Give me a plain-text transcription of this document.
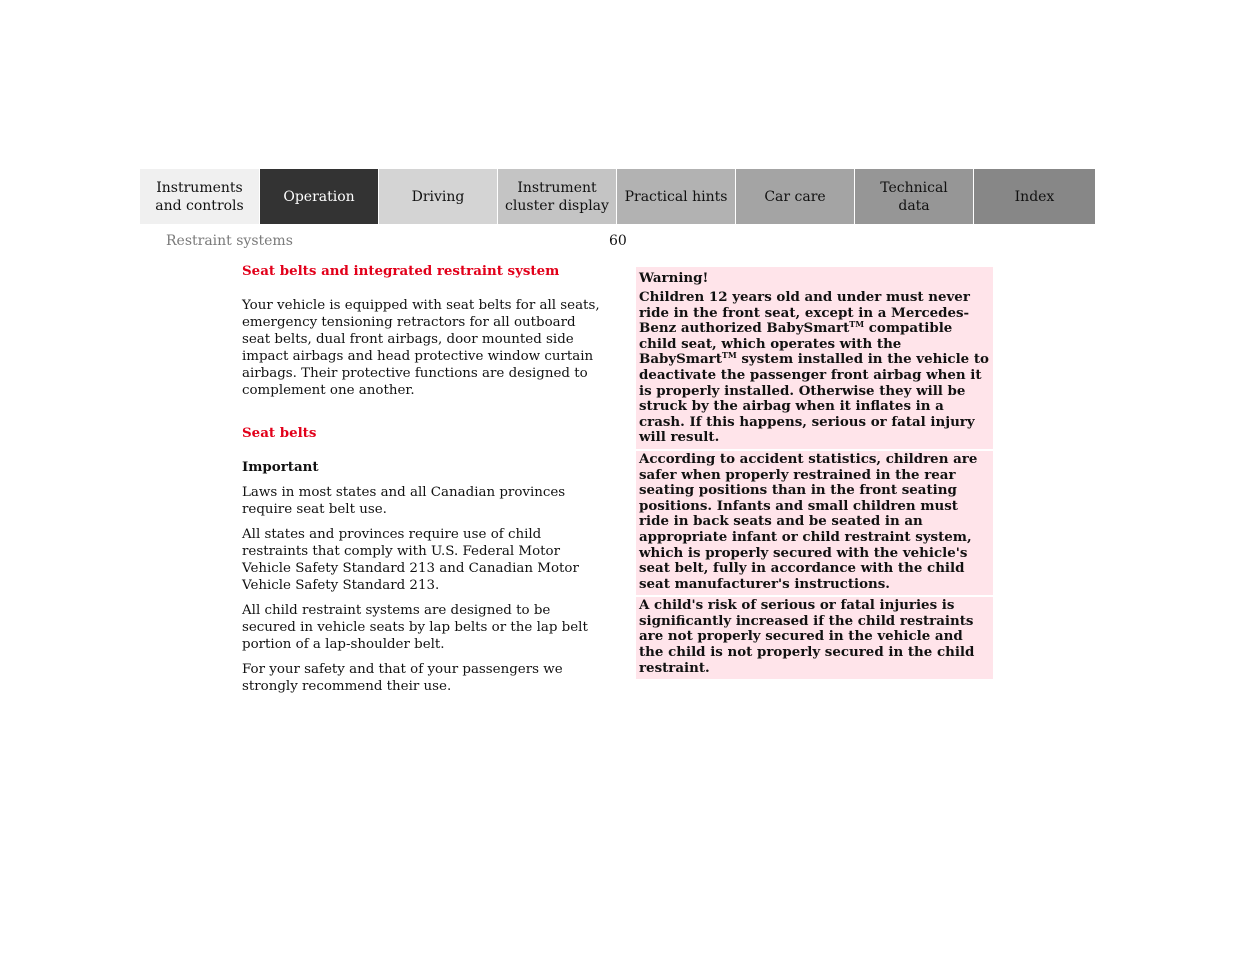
Instruments
and controls
Operation	Driving
Instrument
cluster display
Practical hints	Car care
Technical
data
Index
Restraint systems	60

Seat belts and integrated restraint system

Your vehicle is equipped with seat belts for all seats, emergency tensioning retractors for all outboard seat belts, dual front airbags, door mounted side impact airbags and head protective window curtain airbags. Their protective functions are designed to complement one another.

Seat belts

Important

Laws in most states and all Canadian provinces require seat belt use.

All states and provinces require use of child restraints that comply with U.S. Federal Motor Vehicle Safety Standard 213 and Canadian Motor Vehicle Safety Standard 213.

All child restraint systems are designed to be secured in vehicle seats by lap belts or the lap belt portion of a lap-shoulder belt.

For your safety and that of your passengers we strongly recommend their use.

Warning!

Children 12 years old and under must never ride in the front seat, except in a Mercedes-Benz authorized BabySmart™ compatible child seat, which operates with the BabySmart™ system installed in the vehicle to deactivate the passenger front airbag when it is properly installed. Otherwise they will be struck by the airbag when it inflates in a crash. If this happens, serious or fatal injury will result.

According to accident statistics, children are safer when properly restrained in the rear seating positions than in the front seating positions. Infants and small children must ride in back seats and be seated in an appropriate infant or child restraint system, which is properly secured with the vehicle's seat belt, fully in accordance with the child seat manufacturer's instructions.

A child's risk of serious or fatal injuries is significantly increased if the child restraints are not properly secured in the vehicle and the child is not properly secured in the child restraint.
